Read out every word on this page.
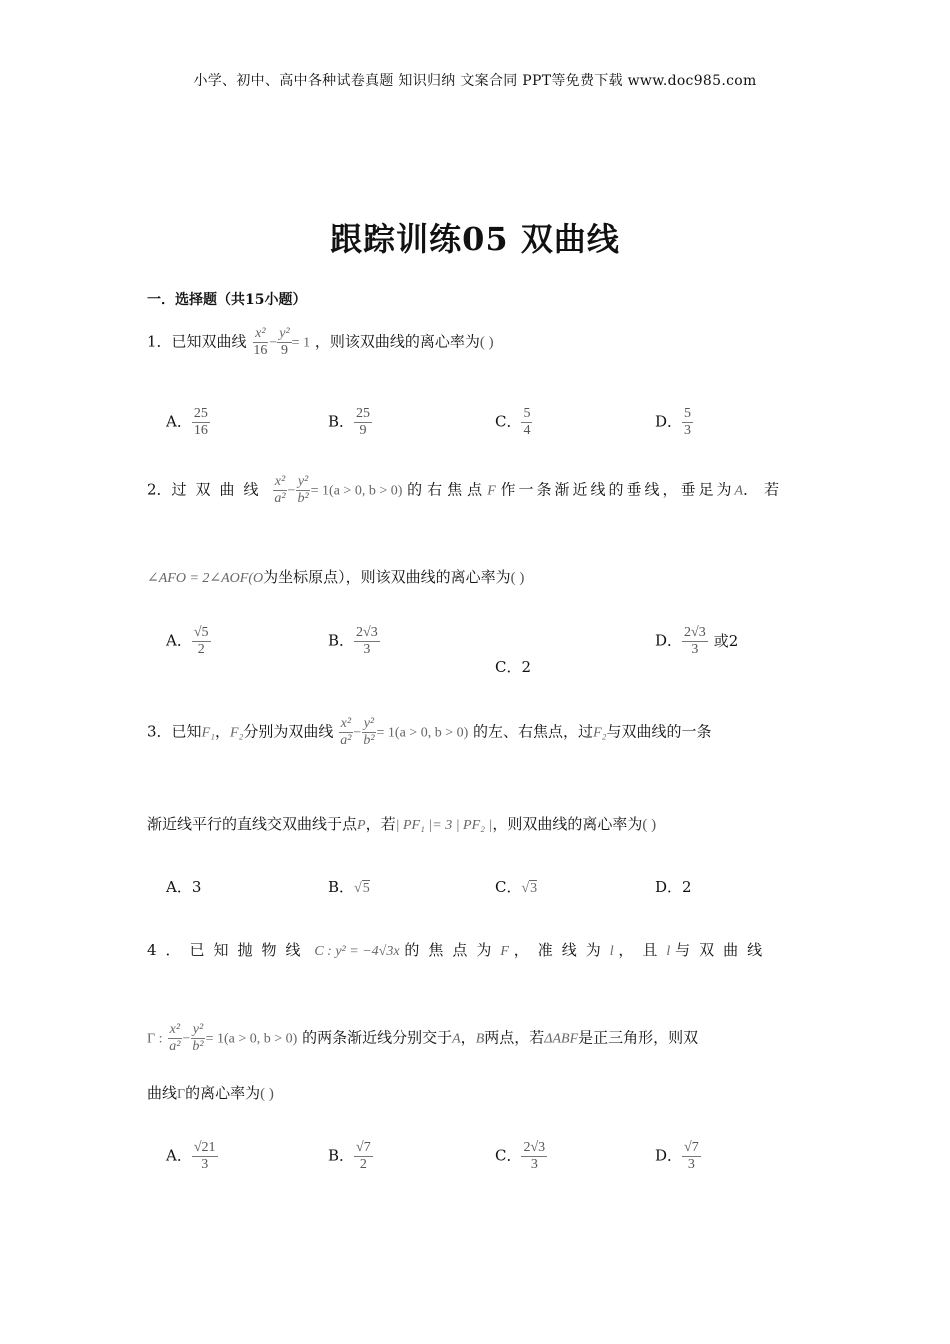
小学、初中、高中各种试卷真题 知识归纳 文案合同 PPT等免费下载 www.doc985.com
跟踪训练05 双曲线
一．选择题（共15小题）
1．已知双曲线 $\frac{\text{x²}}{16} - \frac{\text{y²}}{9} = 1$ ，则该双曲线的离心率为( )
A． $\frac{25}{16}$	B． $\frac{25}{9}$	C． $\frac{5}{4}$	D． $\frac{5}{3}$
2．过双曲线 $\frac{\text{x²}}{\text{a²}} - \frac{\text{y²}}{\text{b²}} = 1(a > 0$, b > 0) 的右焦点F 作一条渐近线的垂线，垂足为A．若
∠AFO = 2∠AOF(O为坐标原点），则该双曲线的离心率为( )
A． $\frac{√5}{2}$	B． $\frac{2√3}{3}$
C．2
D． $\frac{2√3}{3}$ 或2
3．已知F₁，F₂分别为双曲线 $\frac{\text{x²}}{\text{a²}} - \frac{\text{y²}}{\text{b²}} = 1(a > 0$, b > 0) 的左、右焦点，过F₂与双曲线的一条
渐近线平行的直线交双曲线于点P，若| PF₁ |= 3 | PF₂ |，则双曲线的离心率为( )
A．3	B．√5	C．√3	D．2
4．已知抛物线 C : y² = −4√3x 的焦点为F ，准线为l ，且l 与双曲线
Γ : $\frac{\text{x²}}{\text{a²}} - \frac{\text{y²}}{\text{b²}} = 1(a > 0$, b > 0) 的两条渐近线分别交于A，B两点，若ΔABF是正三角形，则双
曲线Γ的离心率为( )
A． $\frac{√21}{3}$	B． $\frac{√7}{2}$	C． $\frac{2√3}{3}$	D． $\frac{√7}{3}$
